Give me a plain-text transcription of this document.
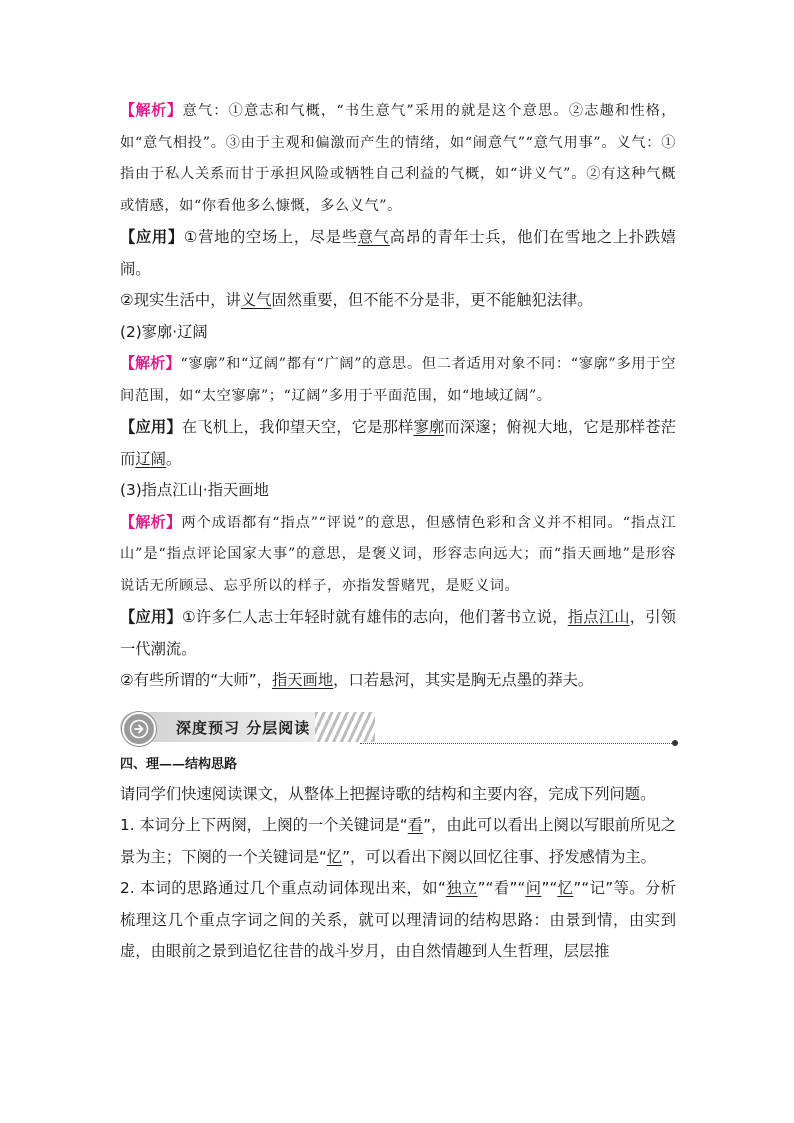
【解析】意气：①意志和气概，“书生意气”采用的就是这个意思。②志趣和性格，如“意气相投”。③由于主观和偏激而产生的情绪，如“闹意气”“意气用事”。义气：①指由于私人关系而甘于承担风险或牺牲自己利益的气概，如“讲义气”。②有这种气概或情感，如“你看他多么慷慨，多么义气”。

【应用】①营地的空场上，尽是些意气高昂的青年士兵，他们在雪地之上扑跌嬉闹。

②现实生活中，讲义气固然重要，但不能不分是非，更不能触犯法律。

(2)寥廓·辽阔

【解析】“寥廓”和“辽阔”都有“广阔”的意思。但二者适用对象不同：“寥廓”多用于空间范围，如“太空寥廓”；“辽阔”多用于平面范围，如“地域辽阔”。

【应用】在飞机上，我仰望天空，它是那样寥廓而深邃；俯视大地，它是那样苍茫而辽阔。

(3)指点江山·指天画地

【解析】两个成语都有“指点”“评说”的意思，但感情色彩和含义并不相同。“指点江山”是“指点评论国家大事”的意思，是褒义词，形容志向远大；而“指天画地”是形容说话无所顾忌、忘乎所以的样子，亦指发誓赌咒，是贬义词。

【应用】①许多仁人志士年轻时就有雄伟的志向，他们著书立说，指点江山，引领一代潮流。

②有些所谓的“大师”，指天画地，口若悬河，其实是胸无点墨的莽夫。

深度预习 分层阅读

四、理——结构思路

请同学们快速阅读课文，从整体上把握诗歌的结构和主要内容，完成下列问题。

1. 本词分上下两阕，上阕的一个关键词是“看”，由此可以看出上阕以写眼前所见之景为主；下阕的一个关键词是“忆”，可以看出下阕以回忆往事、抒发感情为主。

2. 本词的思路通过几个重点动词体现出来，如“独立”“看”“问”“忆”“记”等。分析梳理这几个重点字词之间的关系，就可以理清词的结构思路：由景到情，由实到虚，由眼前之景到追忆往昔的战斗岁月，由自然情趣到人生哲理，层层推
